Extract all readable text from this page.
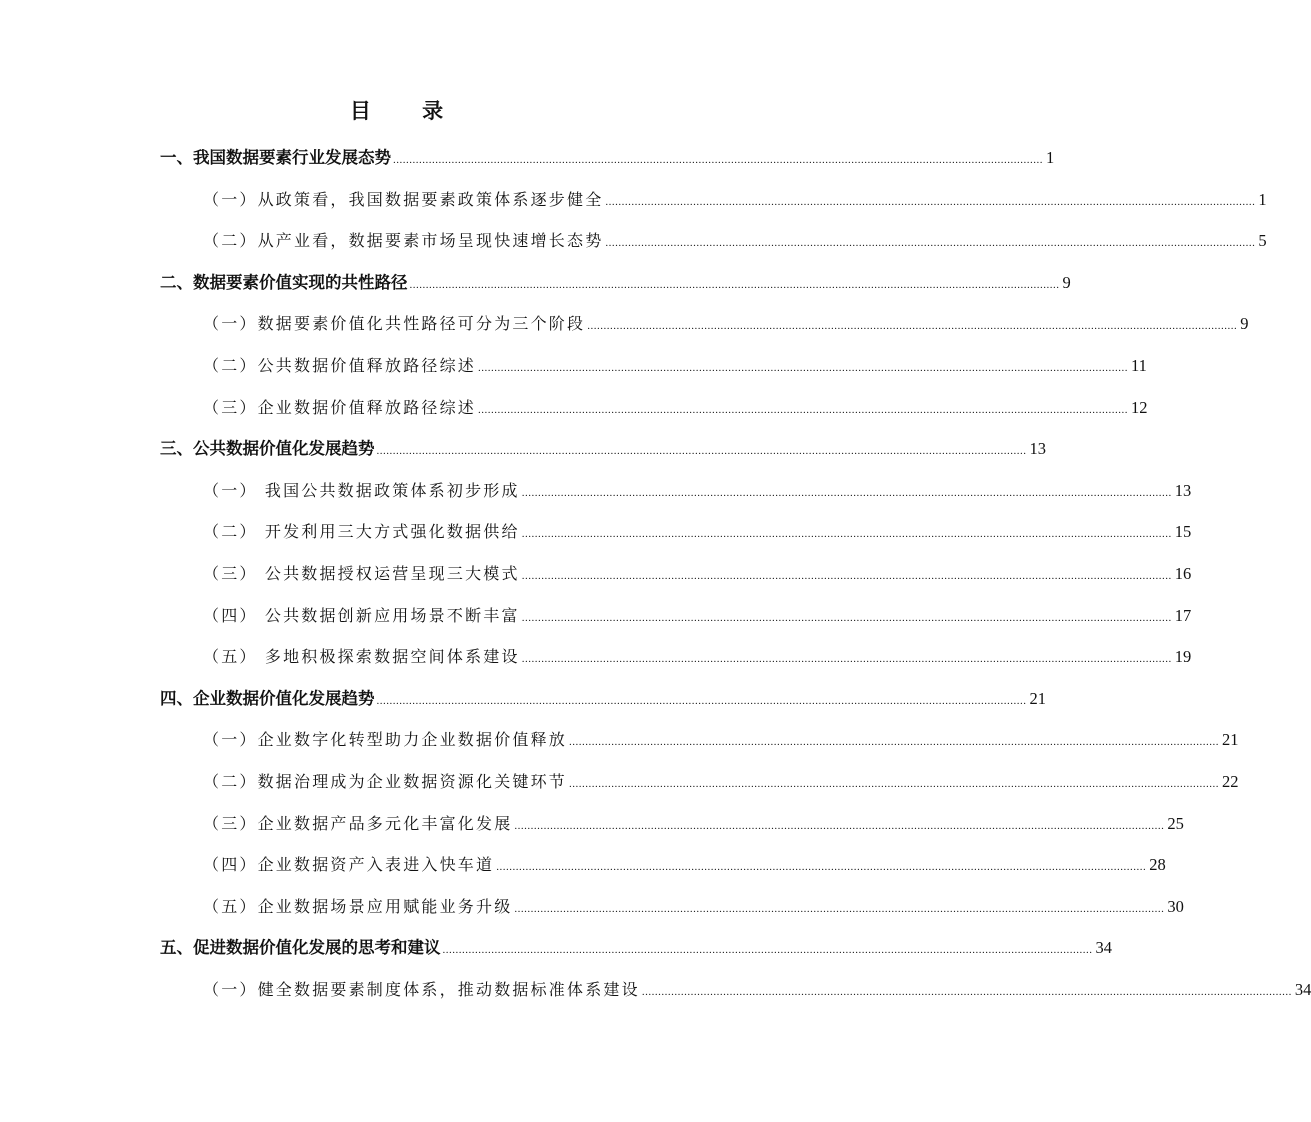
目 录
一、我国数据要素行业发展态势 ........................................................................................................................................................................................................ 1
（一）从政策看，我国数据要素政策体系逐步健全 ........................................................................................................................................................................................................ 1
（二）从产业看，数据要素市场呈现快速增长态势 ........................................................................................................................................................................................................ 5
二、数据要素价值实现的共性路径 ........................................................................................................................................................................................................ 9
（一）数据要素价值化共性路径可分为三个阶段 ........................................................................................................................................................................................................ 9
（二）公共数据价值释放路径综述 ........................................................................................................................................................................................................ 11
（三）企业数据价值释放路径综述 ........................................................................................................................................................................................................ 12
三、公共数据价值化发展趋势 ........................................................................................................................................................................................................ 13
（一） 我国公共数据政策体系初步形成 ........................................................................................................................................................................................................ 13
（二） 开发利用三大方式强化数据供给 ........................................................................................................................................................................................................ 15
（三） 公共数据授权运营呈现三大模式 ........................................................................................................................................................................................................ 16
（四） 公共数据创新应用场景不断丰富 ........................................................................................................................................................................................................ 17
（五） 多地积极探索数据空间体系建设 ........................................................................................................................................................................................................ 19
四、企业数据价值化发展趋势 ........................................................................................................................................................................................................ 21
（一）企业数字化转型助力企业数据价值释放 ........................................................................................................................................................................................................ 21
（二）数据治理成为企业数据资源化关键环节 ........................................................................................................................................................................................................ 22
（三）企业数据产品多元化丰富化发展 ........................................................................................................................................................................................................ 25
（四）企业数据资产入表进入快车道 ........................................................................................................................................................................................................ 28
（五）企业数据场景应用赋能业务升级 ........................................................................................................................................................................................................ 30
五、促进数据价值化发展的思考和建议 ........................................................................................................................................................................................................ 34
（一）健全数据要素制度体系，推动数据标准体系建设 ........................................................................................................................................................................................................ 34
